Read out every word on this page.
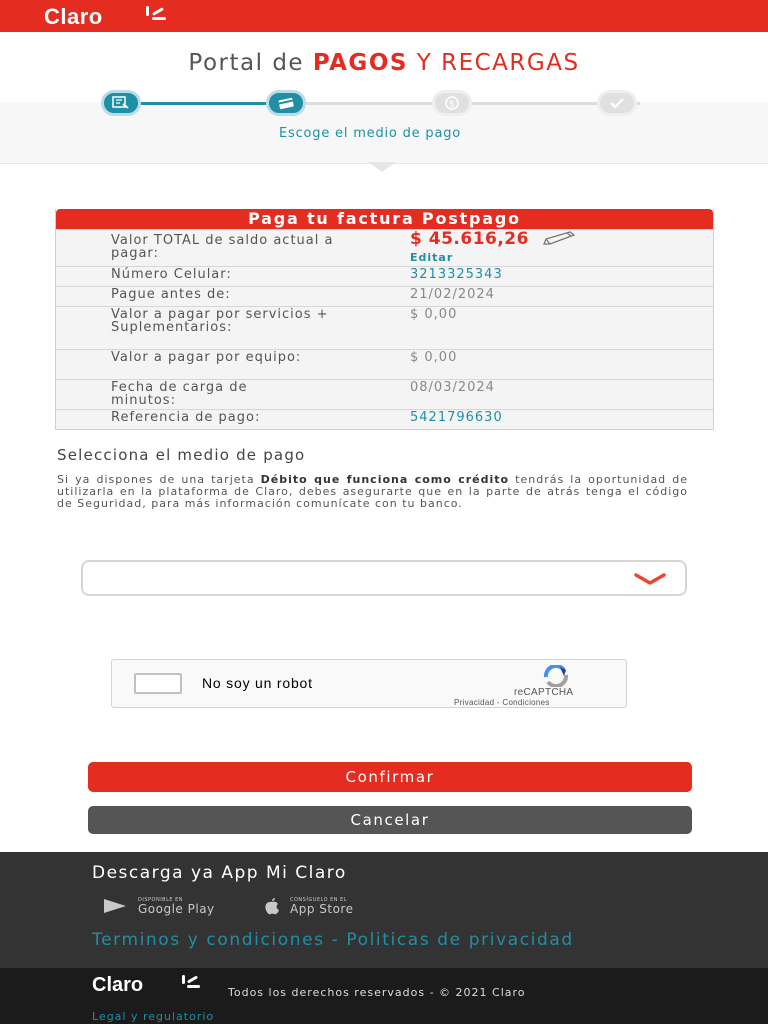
Claro
Portal de PAGOS Y RECARGAS
$
Escoge el medio de pago
Paga tu factura Postpago
Valor TOTAL de saldo actual a pagar:
$ 45.616,26
Editar
Número Celular:	3213325343
Pague antes de:	21/02/2024
Valor a pagar por servicios + Suplementarios:
$ 0,00
Valor a pagar por equipo:	$ 0,00
Fecha de carga de minutos:
08/03/2024
Referencia de pago:	5421796630
Selecciona el medio de pago
Si ya dispones de una tarjeta Débito que funciona como crédito tendrás la oportunidad de utilizarla en la plataforma de Claro, debes asegurarte que en la parte de atrás tenga el código de Seguridad, para más información comunícate con tu banco.
No soy un robot
reCAPTCHA
Privacidad - Condiciones
Confirmar
Cancelar
Descarga ya App Mi Claro
DISPONIBLE EN
Google Play
CONSÍGUELO EN EL
App Store
Terminos y condiciones - Politicas de privacidad
Claro	Todos los derechos reservados - © 2021 Claro
Legal y regulatorio
